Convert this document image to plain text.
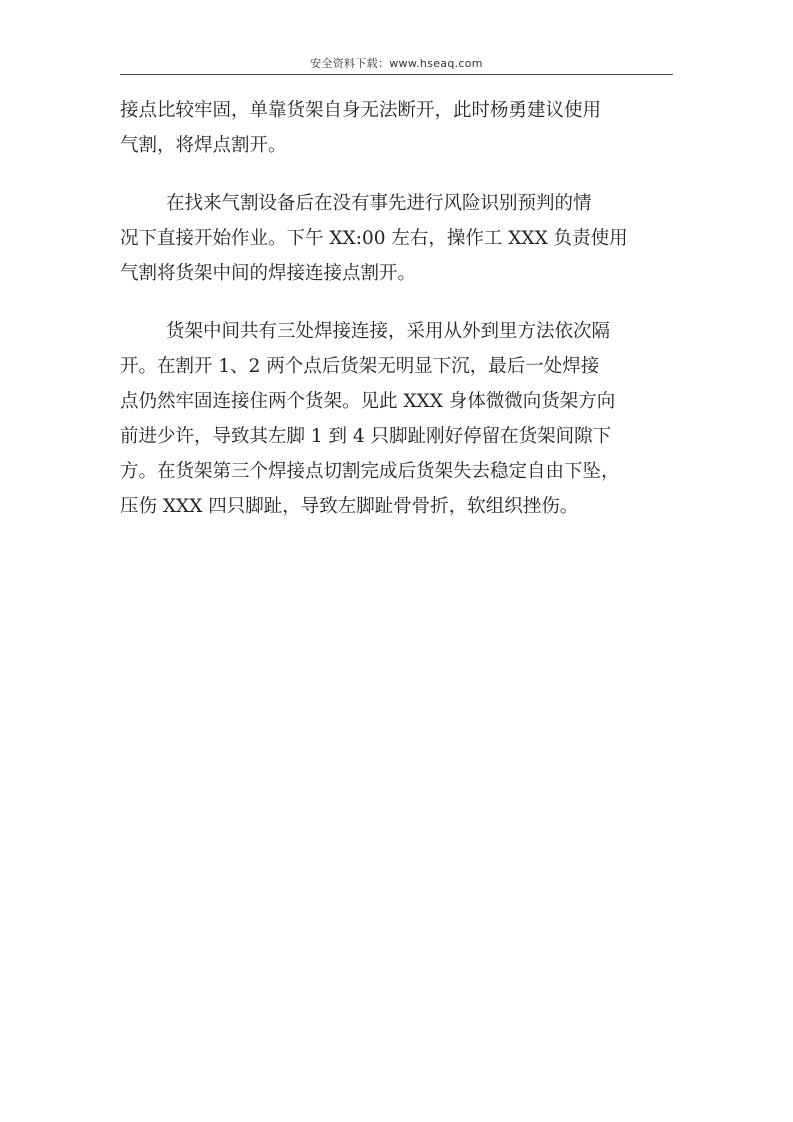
安全资料下载：www.hseaq.com
接点比较牢固，单靠货架自身无法断开，此时杨勇建议使用
气割，将焊点割开。
在找来气割设备后在没有事先进行风险识别预判的情
况下直接开始作业。下午 XX:00 左右，操作工 XXX 负责使用
气割将货架中间的焊接连接点割开。
货架中间共有三处焊接连接，采用从外到里方法依次隔
开。在割开 1、2 两个点后货架无明显下沉，最后一处焊接
点仍然牢固连接住两个货架。见此 XXX 身体微微向货架方向
前进少许，导致其左脚 1 到 4 只脚趾刚好停留在货架间隙下
方。在货架第三个焊接点切割完成后货架失去稳定自由下坠，
压伤 XXX 四只脚趾，导致左脚趾骨骨折，软组织挫伤。
